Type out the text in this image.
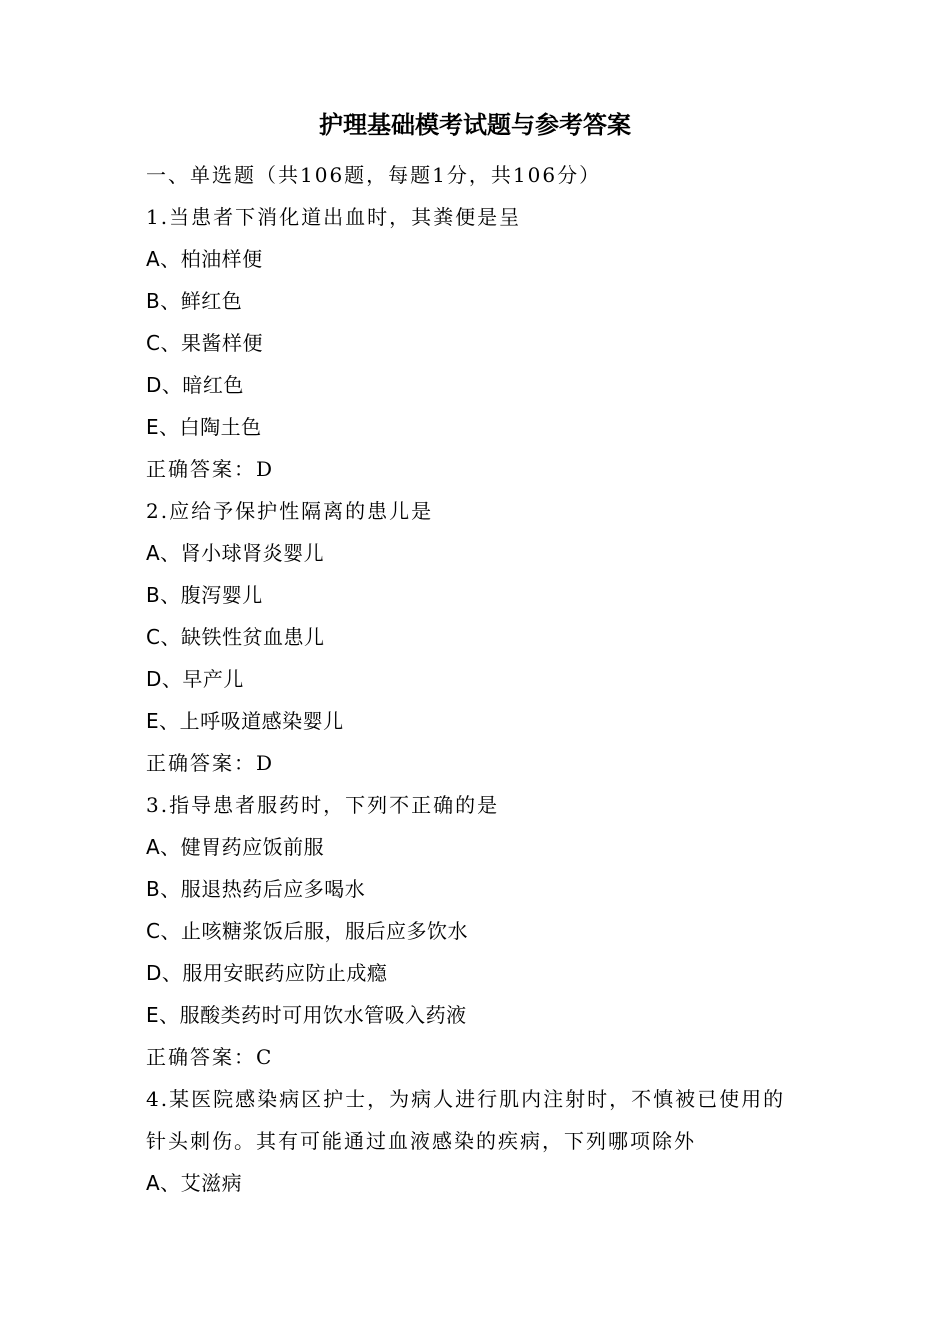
护理基础模考试题与参考答案
一、单选题（共106题，每题1分，共106分）
1.当患者下消化道出血时，其粪便是呈
A、柏油样便
B、鲜红色
C、果酱样便
D、暗红色
E、白陶土色
正确答案：D
2.应给予保护性隔离的患儿是
A、肾小球肾炎婴儿
B、腹泻婴儿
C、缺铁性贫血患儿
D、早产儿
E、上呼吸道感染婴儿
正确答案：D
3.指导患者服药时，下列不正确的是
A、健胃药应饭前服
B、服退热药后应多喝水
C、止咳糖浆饭后服，服后应多饮水
D、服用安眠药应防止成瘾
E、服酸类药时可用饮水管吸入药液
正确答案：C
4.某医院感染病区护士，为病人进行肌内注射时，不慎被已使用的
针头刺伤。其有可能通过血液感染的疾病，下列哪项除外
A、艾滋病
